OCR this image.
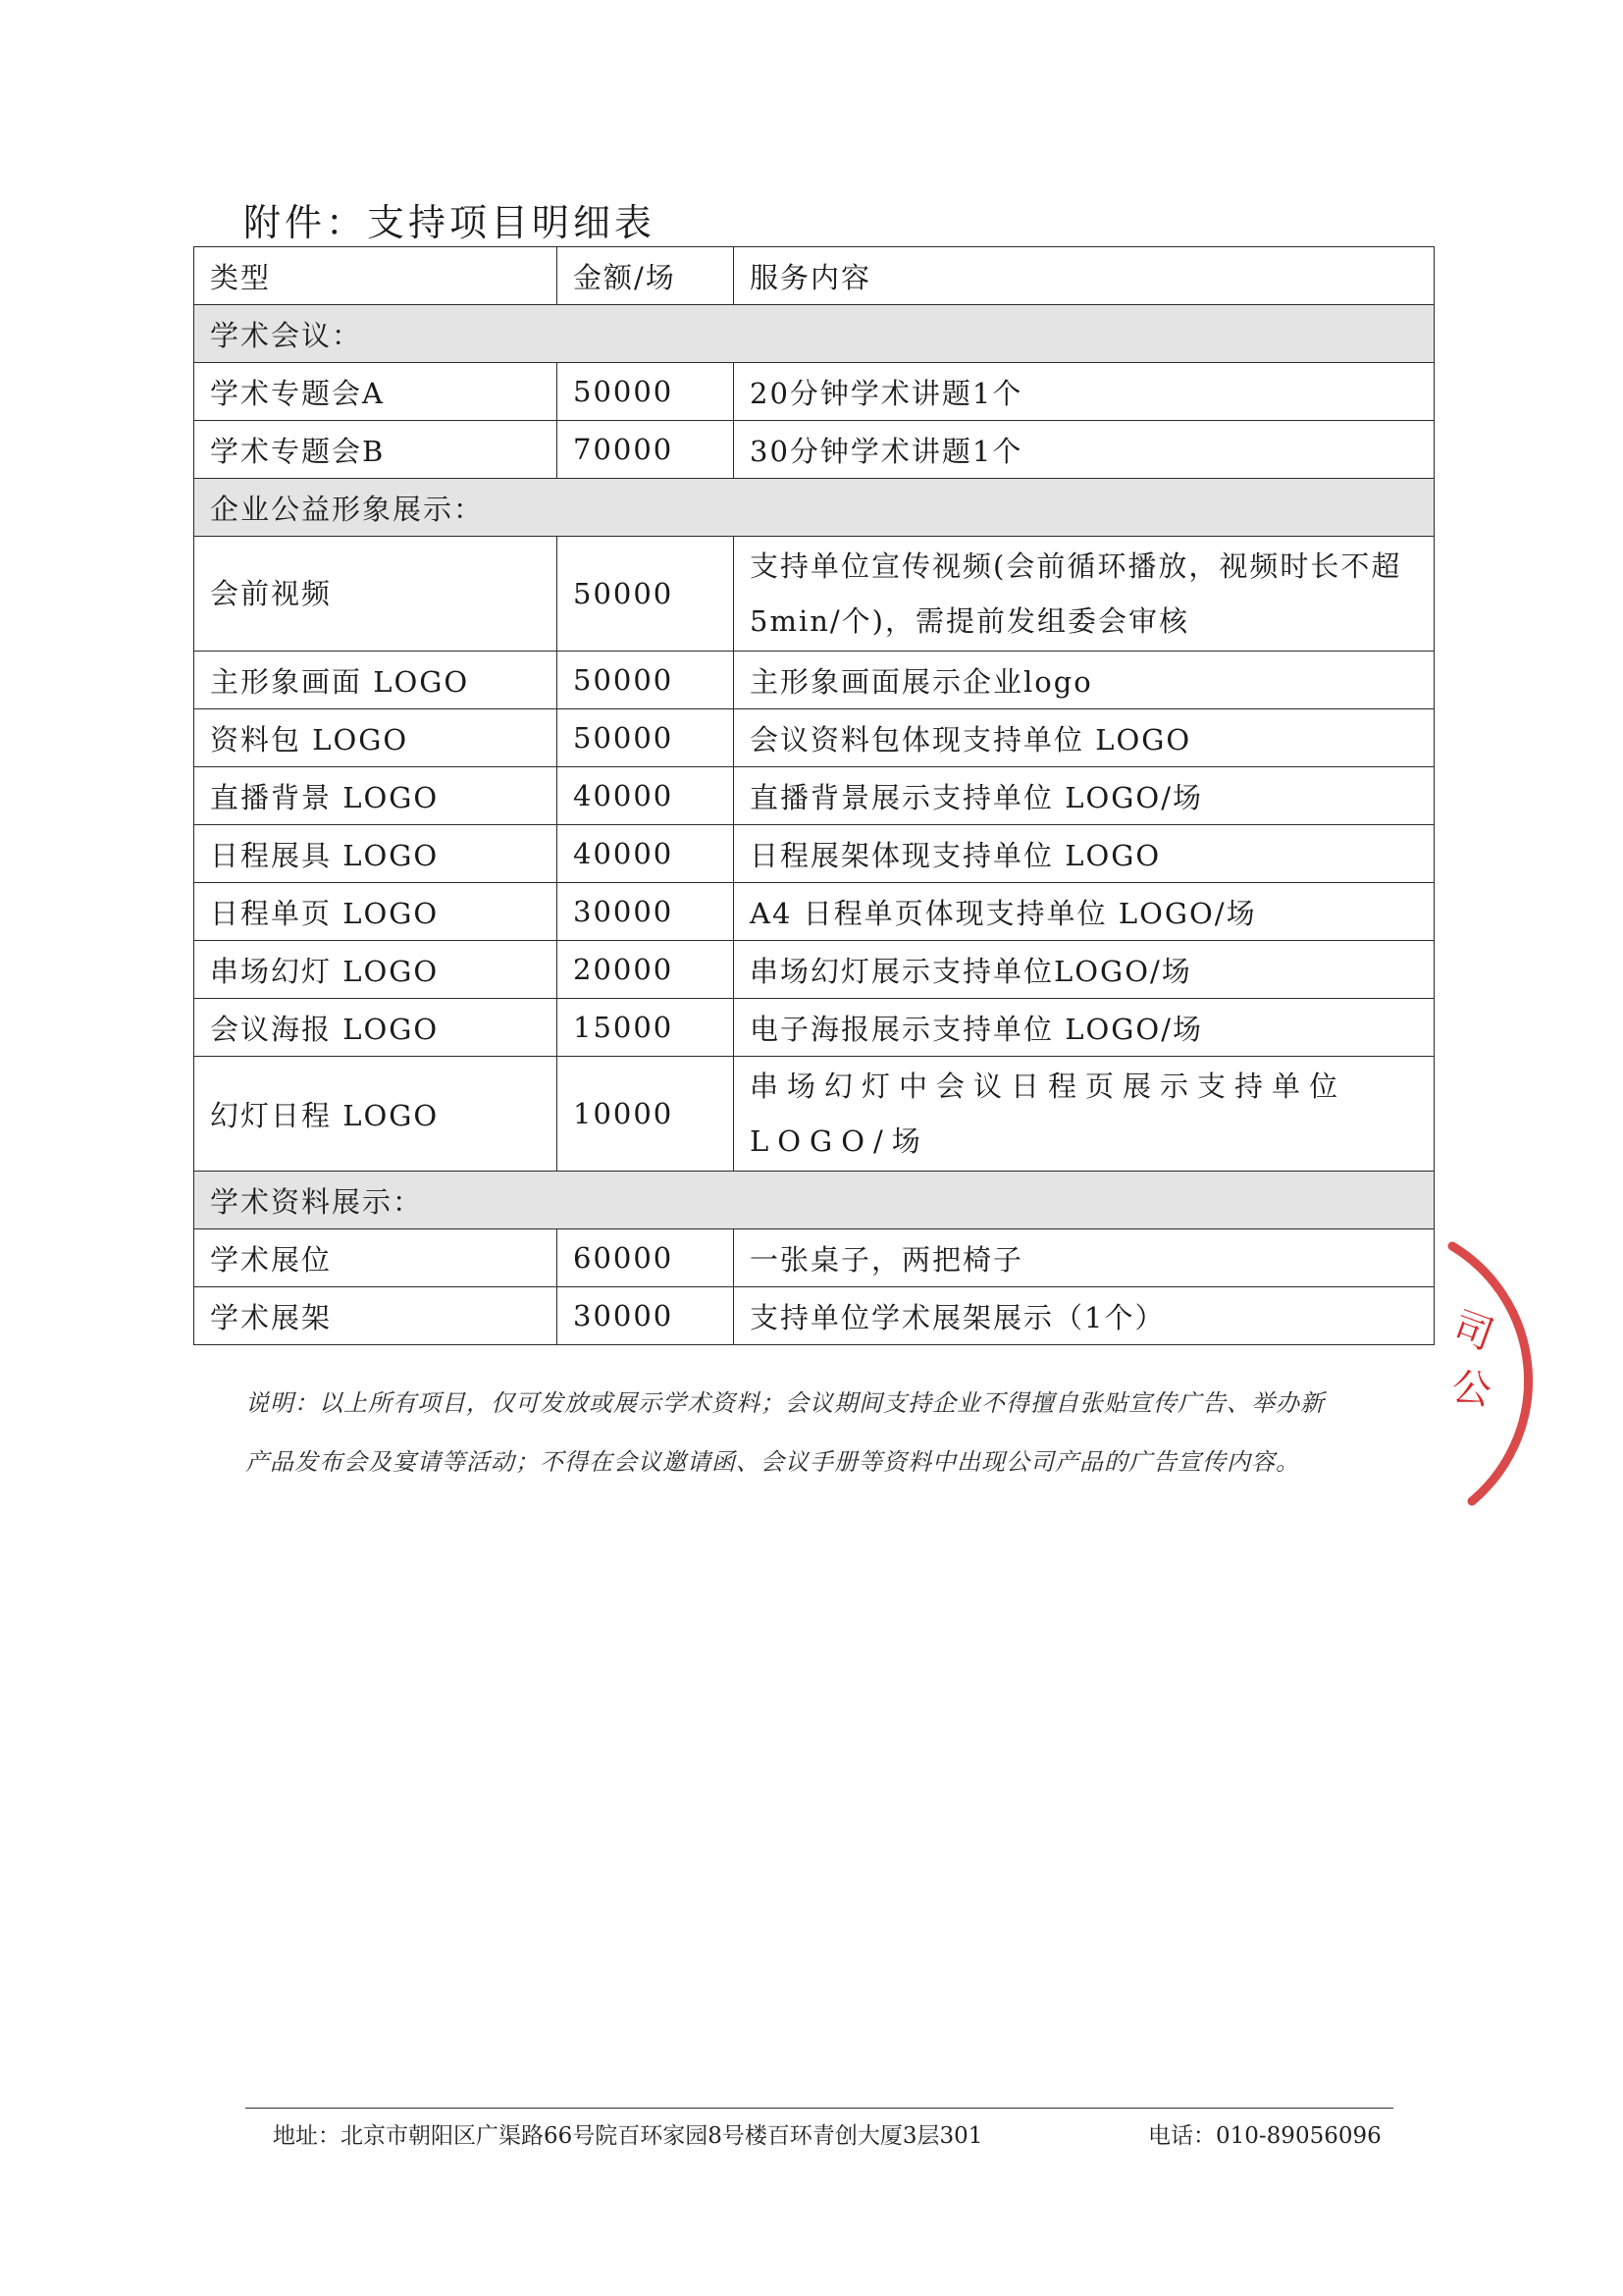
附件：支持项目明细表
类型	金额/场	服务内容
学术会议：		
学术专题会A	50000	20分钟学术讲题1个
学术专题会B	70000	30分钟学术讲题1个
企业公益形象展示：		
会前视频	50000	支持单位宣传视频(会前循环播放，视频时长不超5min/个)，需提前发组委会审核
主形象画面 LOGO	50000	主形象画面展示企业logo
资料包 LOGO	50000	会议资料包体现支持单位 LOGO
直播背景 LOGO	40000	直播背景展示支持单位 LOGO/场
日程展具 LOGO	40000	日程展架体现支持单位 LOGO
日程单页 LOGO	30000	A4 日程单页体现支持单位 LOGO/场
串场幻灯 LOGO	20000	串场幻灯展示支持单位LOGO/场
会议海报 LOGO	15000	电子海报展示支持单位 LOGO/场
幻灯日程 LOGO	10000	串场幻灯中会议日程页展示支持单位LOGO/场
学术资料展示：		
学术展位	60000	一张桌子，两把椅子
学术展架	30000	支持单位学术展架展示（1个）
说明：以上所有项目，仅可发放或展示学术资料；会议期间支持企业不得擅自张贴宣传广告、举办新产品发布会及宴请等活动；不得在会议邀请函、会议手册等资料中出现公司产品的广告宣传内容。
司
公
地址：北京市朝阳区广渠路66号院百环家园8号楼百环青创大厦3层301	电话：010-89056096
